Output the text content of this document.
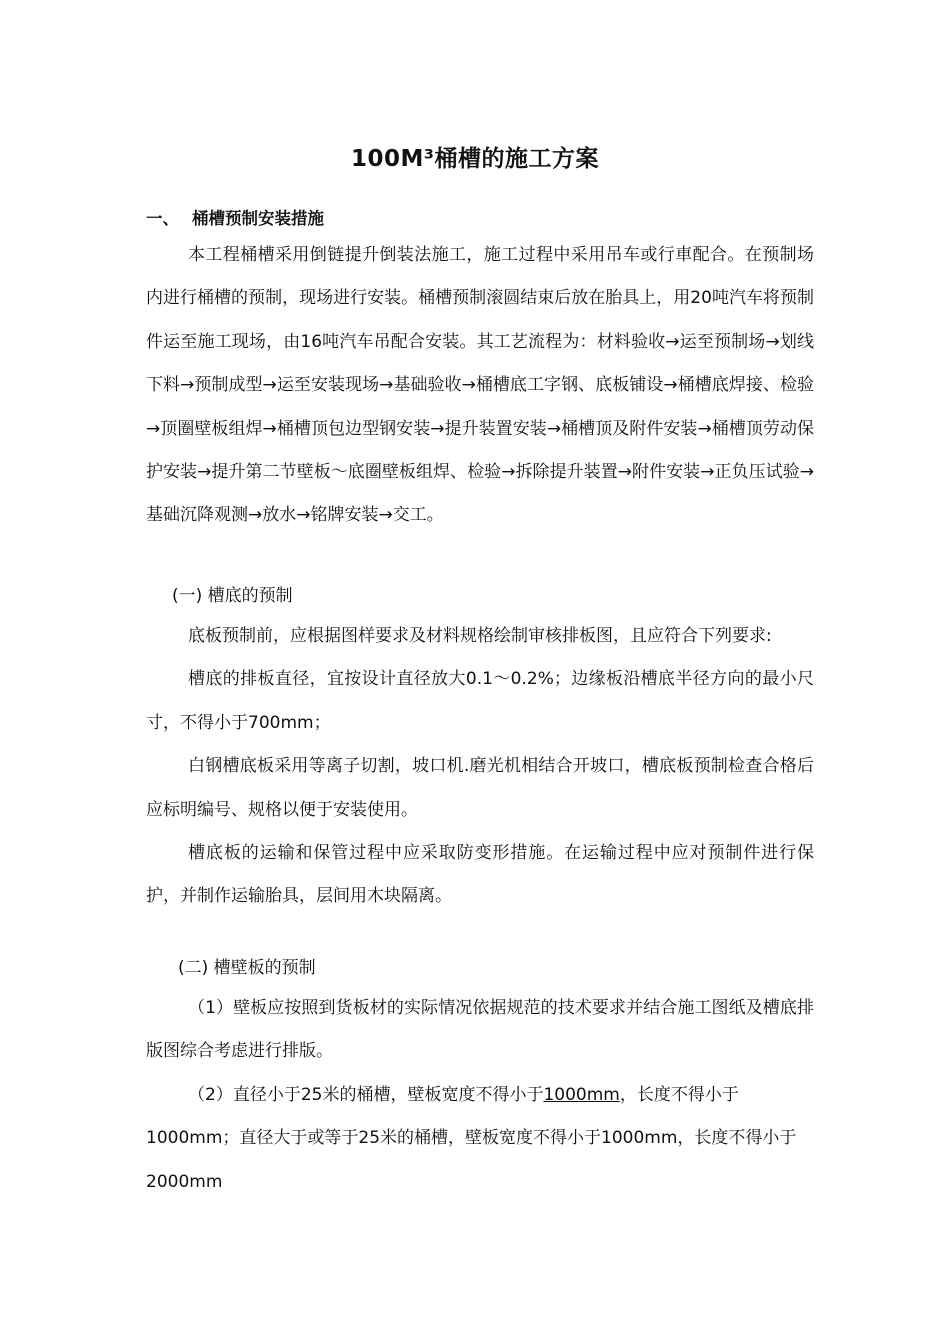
100M³桶槽的施工方案
一、 桶槽预制安装措施

本工程桶槽采用倒链提升倒装法施工，施工过程中采用吊车或行車配合。在预制场内进行桶槽的预制，现场进行安装。桶槽预制滚圆结束后放在胎具上，用20吨汽车将预制件运至施工现场，由16吨汽车吊配合安装。其工艺流程为：材料验收→运至预制场→划线下料→预制成型→运至安装现场→基础验收→桶槽底工字钢、底板铺设→桶槽底焊接、检验→顶圈壁板组焊→桶槽顶包边型钢安装→提升装置安装→桶槽顶及附件安装→桶槽顶劳动保护安装→提升第二节壁板～底圈壁板组焊、检验→拆除提升装置→附件安装→正负压试验→基础沉降观测→放水→铭牌安装→交工。

(一) 槽底的预制

底板预制前，应根据图样要求及材料规格绘制审核排板图，且应符合下列要求:

槽底的排板直径，宜按设计直径放大0.1～0.2%；边缘板沿槽底半径方向的最小尺寸，不得小于700mm；

白钢槽底板采用等离子切割，坡口机.磨光机相结合开坡口，槽底板预制检查合格后应标明编号、规格以便于安装使用。

槽底板的运输和保管过程中应采取防变形措施。在运输过程中应对预制件进行保护，并制作运输胎具，层间用木块隔离。

(二) 槽壁板的预制

（1）壁板应按照到货板材的实际情况依据规范的技术要求并结合施工图纸及槽底排版图综合考虑进行排版。

（2）直径小于25米的桶槽，壁板宽度不得小于1000mm，长度不得小于1000mm；直径大于或等于25米的桶槽，壁板宽度不得小于1000mm，长度不得小于2000mm
